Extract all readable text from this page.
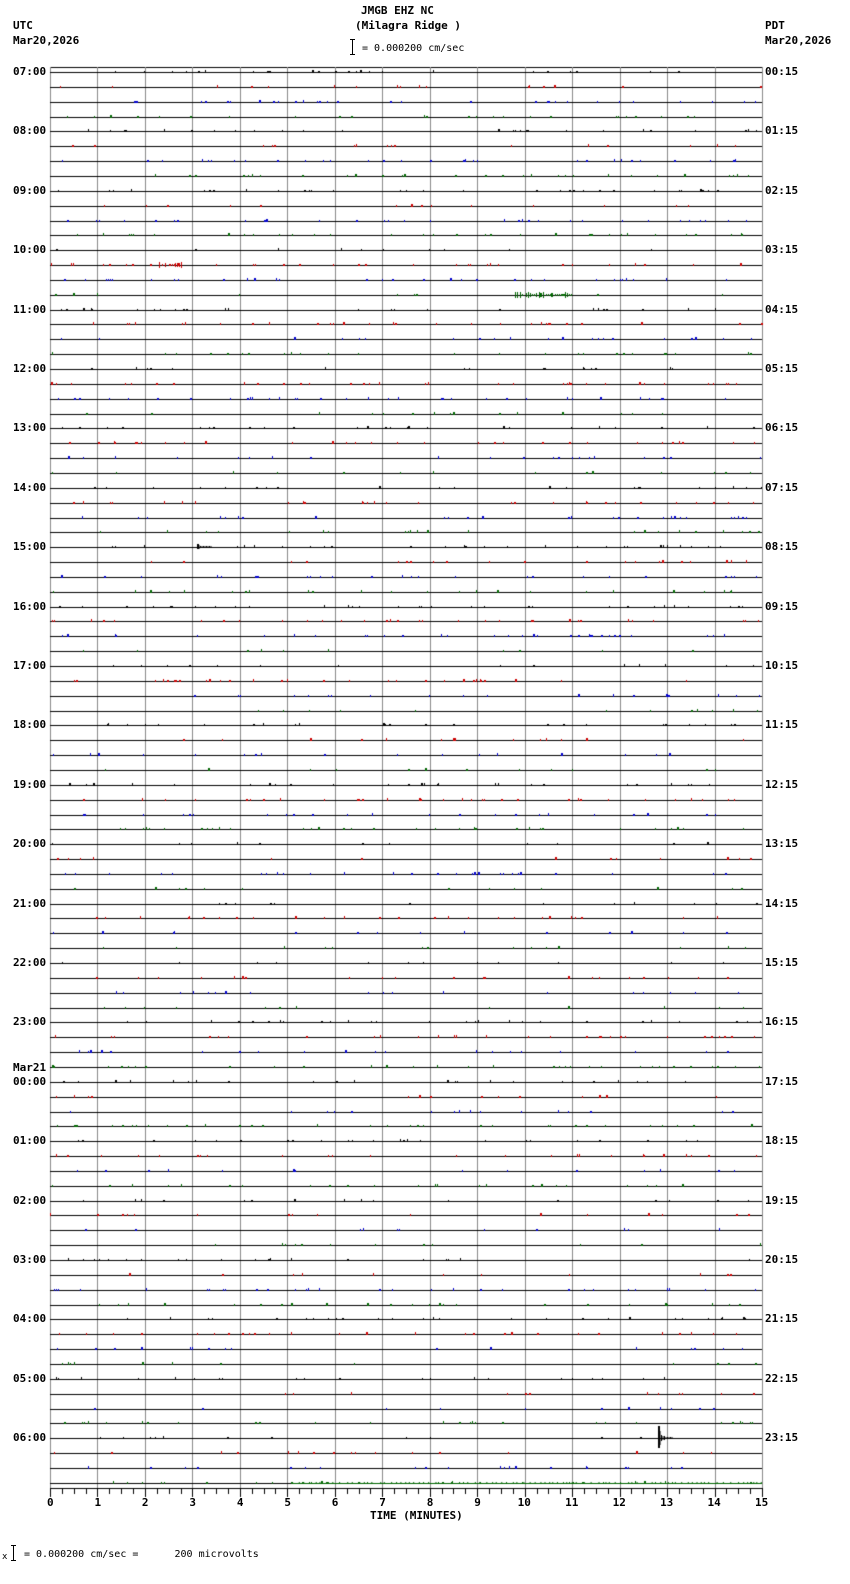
JMGB EHZ NC
(Milagra Ridge )
UTC
Mar20,2026
PDT
Mar20,2026
= 0.000200 cm/sec
07:00
08:00
09:00
10:00
11:00
12:00
13:00
14:00
15:00
16:00
17:00
18:00
19:00
20:00
21:00
22:00
23:00
Mar21
00:00
01:00
02:00
03:00
04:00
05:00
06:00
00:15
01:15
02:15
03:15
04:15
05:15
06:15
07:15
08:15
09:15
10:15
11:15
12:15
13:15
14:15
15:15
16:15
17:15
18:15
19:15
20:15
21:15
22:15
23:15
0	1	2	3	4	5	6	7	8	9	10	11	12	13	14	15
TIME (MINUTES)
x = 0.000200 cm/sec =      200 microvolts
